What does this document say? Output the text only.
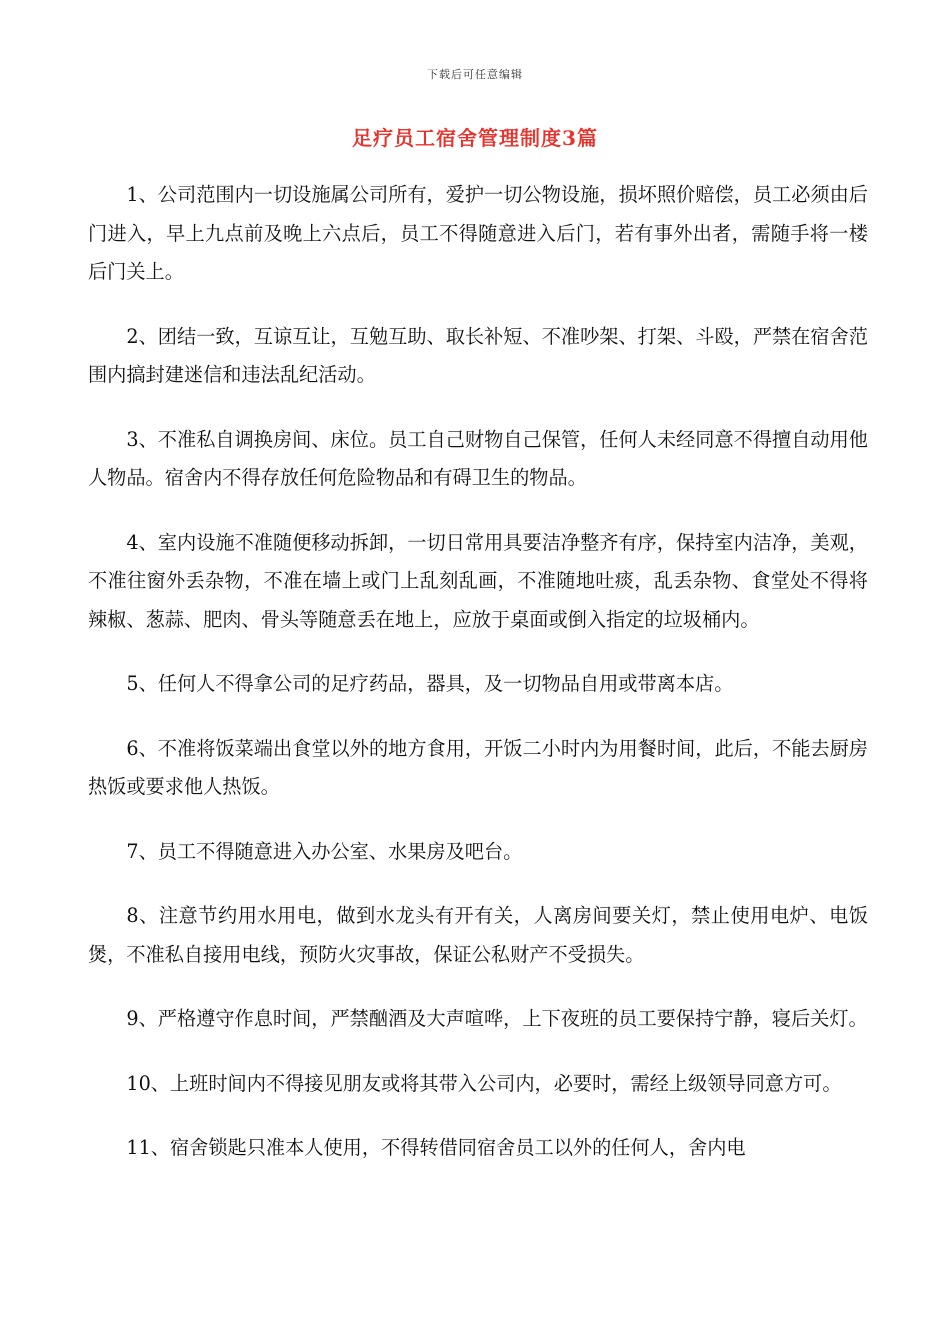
下载后可任意编辑
足疗员工宿舍管理制度3篇

1、公司范围内一切设施属公司所有，爱护一切公物设施，损坏照价赔偿，员工必须由后门进入，早上九点前及晚上六点后，员工不得随意进入后门，若有事外出者，需随手将一楼后门关上。

2、团结一致，互谅互让，互勉互助、取长补短、不准吵架、打架、斗殴，严禁在宿舍范围内搞封建迷信和违法乱纪活动。

3、不准私自调换房间、床位。员工自己财物自己保管，任何人未经同意不得擅自动用他人物品。宿舍内不得存放任何危险物品和有碍卫生的物品。

4、室内设施不准随便移动拆卸，一切日常用具要洁净整齐有序，保持室内洁净，美观，不准往窗外丢杂物，不准在墙上或门上乱刻乱画，不准随地吐痰，乱丢杂物、食堂处不得将辣椒、葱蒜、肥肉、骨头等随意丢在地上，应放于桌面或倒入指定的垃圾桶内。

5、任何人不得拿公司的足疗药品，器具，及一切物品自用或带离本店。

6、不准将饭菜端出食堂以外的地方食用，开饭二小时内为用餐时间，此后，不能去厨房热饭或要求他人热饭。

7、员工不得随意进入办公室、水果房及吧台。

8、注意节约用水用电，做到水龙头有开有关，人离房间要关灯，禁止使用电炉、电饭煲，不准私自接用电线，预防火灾事故，保证公私财产不受损失。

9、严格遵守作息时间，严禁酗酒及大声喧哗，上下夜班的员工要保持宁静，寝后关灯。

10、上班时间内不得接见朋友或将其带入公司内，必要时，需经上级领导同意方可。

11、宿舍锁匙只准本人使用，不得转借同宿舍员工以外的任何人，舍内电
